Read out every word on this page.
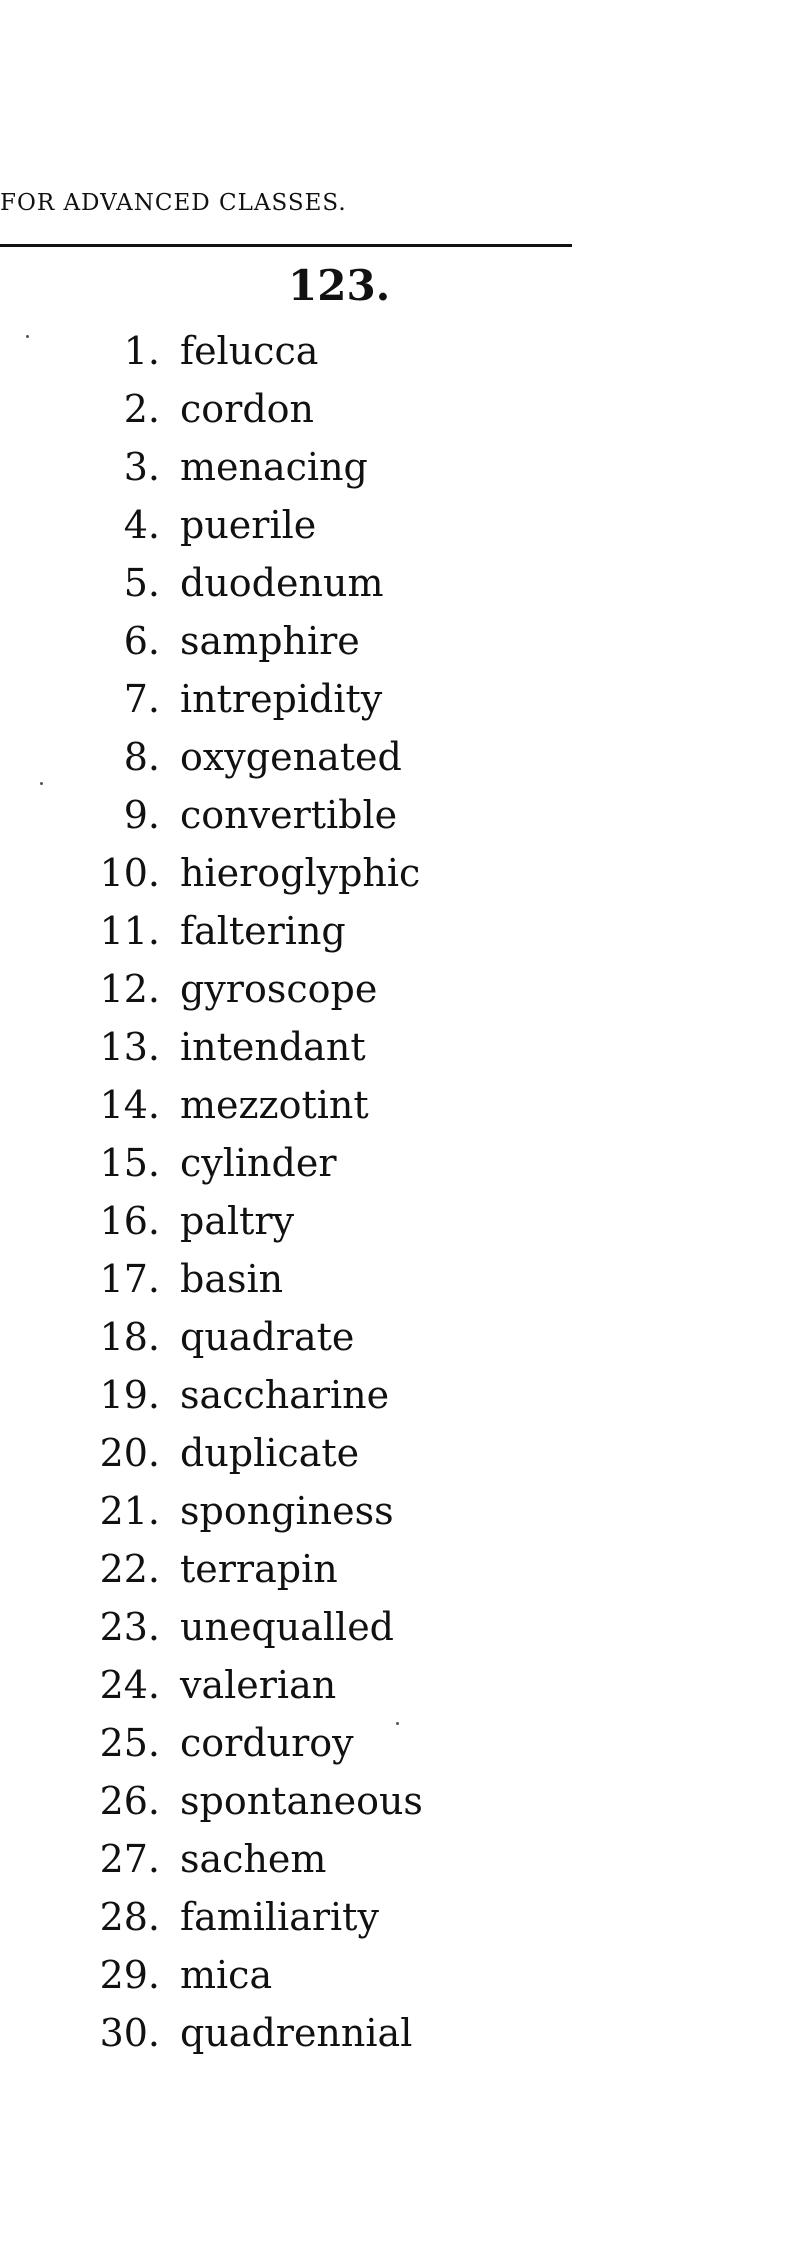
FOR ADVANCED CLASSES.
123.
1. felucca
2. cordon
3. menacing
4. puerile
5. duodenum
6. samphire
7. intrepidity
8. oxygenated
9. convertible
10. hieroglyphic
11. faltering
12. gyroscope
13. intendant
14. mezzotint
15. cylinder
16. paltry
17. basin
18. quadrate
19. saccharine
20. duplicate
21. sponginess
22. terrapin
23. unequalled
24. valerian
25. corduroy
26. spontaneous
27. sachem
28. familiarity
29. mica
30. quadrennial
